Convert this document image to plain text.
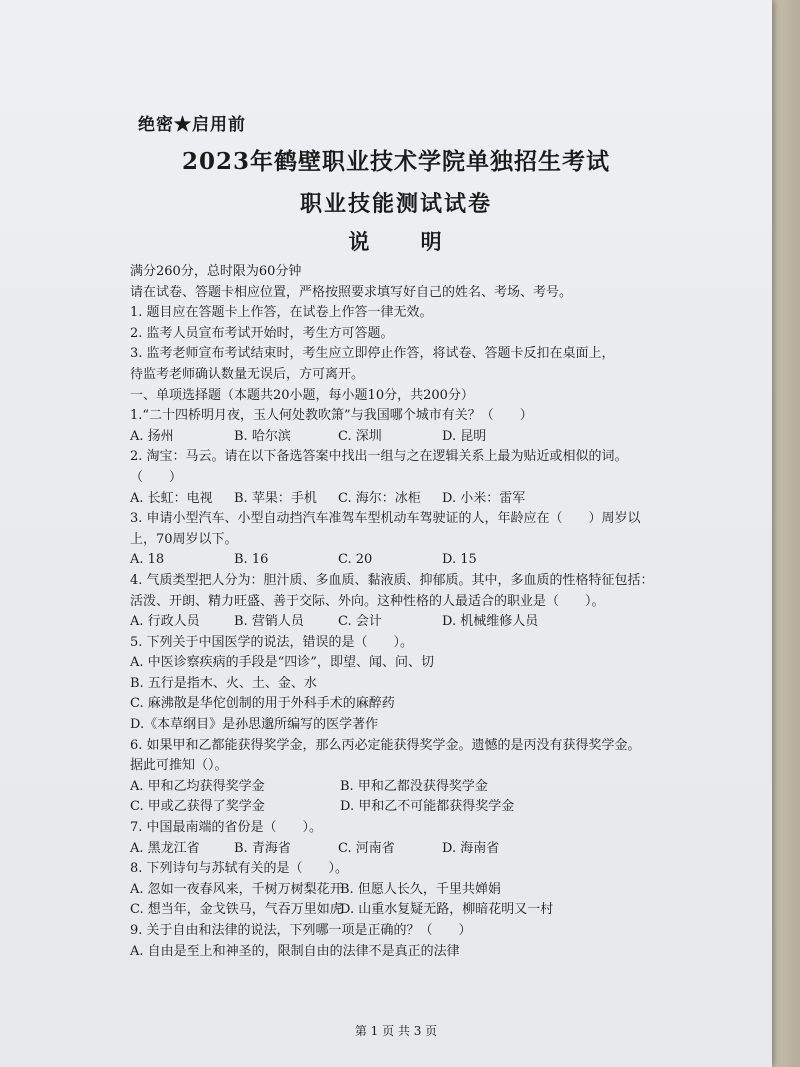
绝密★启用前
2023年鹤壁职业技术学院单独招生考试
职业技能测试试卷
说 明
满分260分，总时限为60分钟
请在试卷、答题卡相应位置，严格按照要求填写好自己的姓名、考场、考号。
1. 题目应在答题卡上作答，在试卷上作答一律无效。
2. 监考人员宣布考试开始时，考生方可答题。
3. 监考老师宣布考试结束时，考生应立即停止作答，将试卷、答题卡反扣在桌面上，
待监考老师确认数量无误后，方可离开。
一、单项选择题（本题共20小题，每小题10分，共200分）
1.“二十四桥明月夜，玉人何处教吹箫”与我国哪个城市有关？（　　）
A. 扬州	B. 哈尔滨	C. 深圳	D. 昆明
2. 淘宝：马云。请在以下备选答案中找出一组与之在逻辑关系上最为贴近或相似的词。
（　　）
A. 长虹：电视	B. 苹果：手机	C. 海尔：冰柜	D. 小米：雷军
3. 申请小型汽车、小型自动挡汽车准驾车型机动车驾驶证的人，年龄应在（　　）周岁以
上，70周岁以下。
A. 18	B. 16	C. 20	D. 15
4. 气质类型把人分为：胆汁质、多血质、黏液质、抑郁质。其中，多血质的性格特征包括：
活泼、开朗、精力旺盛、善于交际、外向。这种性格的人最适合的职业是（　　）。
A. 行政人员	B. 营销人员	C. 会计	D. 机械维修人员
5. 下列关于中国医学的说法，错误的是（　　）。
A. 中医诊察疾病的手段是“四诊”，即望、闻、问、切
B. 五行是指木、火、土、金、水
C. 麻沸散是华佗创制的用于外科手术的麻醉药
D.《本草纲目》是孙思邈所编写的医学著作
6. 如果甲和乙都能获得奖学金，那么丙必定能获得奖学金。遗憾的是丙没有获得奖学金。
据此可推知（）。
A. 甲和乙均获得奖学金	B. 甲和乙都没获得奖学金
C. 甲或乙获得了奖学金	D. 甲和乙不可能都获得奖学金
7. 中国最南端的省份是（　　）。
A. 黑龙江省	B. 青海省	C. 河南省	D. 海南省
8. 下列诗句与苏轼有关的是（　　）。
A. 忽如一夜春风来，千树万树梨花开
B. 但愿人长久，千里共婵娟
C. 想当年，金戈铁马，气吞万里如虎
D. 山重水复疑无路，柳暗花明又一村
9. 关于自由和法律的说法，下列哪一项是正确的？（　　）
A. 自由是至上和神圣的，限制自由的法律不是真正的法律
第 1 页 共 3 页
